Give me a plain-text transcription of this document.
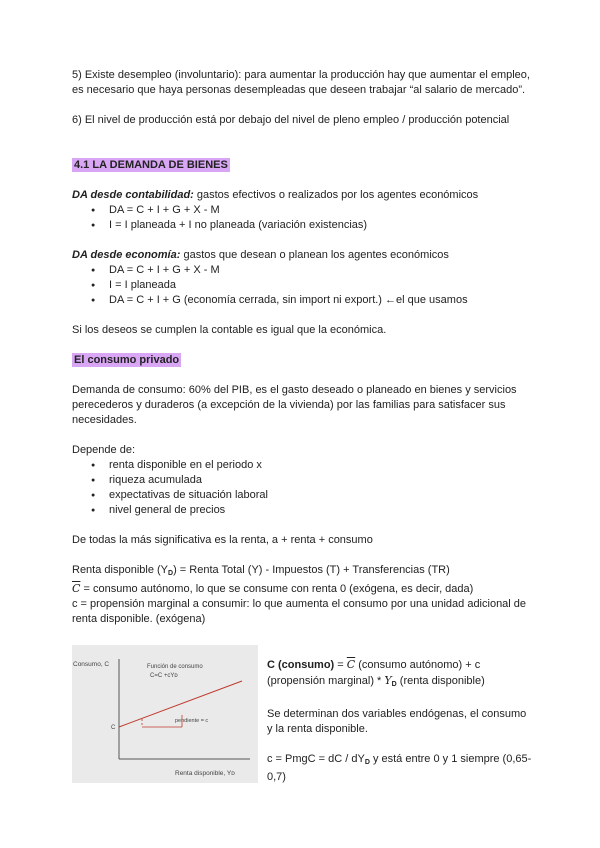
5) Existe desempleo (involuntario): para aumentar la producción hay que aumentar el empleo, es necesario que haya personas desempleadas que deseen trabajar “al salario de mercado”.

6) El nivel de producción está por debajo del nivel de pleno empleo / producción potencial

4.1 LA DEMANDA DE BIENES

DA desde contabilidad: gastos efectivos o realizados por los agentes económicos

● DA = C + I + G + X - M
● I = I planeada + I no planeada (variación existencias)

DA desde economía: gastos que desean o planean los agentes económicos

● DA = C + I + G + X - M
● I = I planeada
● DA = C + I + G (economía cerrada, sin import ni export.) ←el que usamos

Si los deseos se cumplen la contable es igual que la económica.

El consumo privado

Demanda de consumo: 60% del PIB, es el gasto deseado o planeado en bienes y servicios perecederos y duraderos (a excepción de la vivienda) por las familias para satisfacer sus necesidades.

Depende de:

● renta disponible en el periodo x
● riqueza acumulada
● expectativas de situación laboral
● nivel general de precios

De todas la más significativa es la renta, a + renta + consumo

Renta disponible $(Y_D)$ = Renta Total (Y) - Impuestos (T) + Transferencias (TR)

$\overline{C}$ = consumo autónomo, lo que se consume con renta 0 (exógena, es decir, dada)

c = propensión marginal a consumir: lo que aumenta el consumo por una unidad adicional de renta disponible. (exógena)

Consumo, C
Renta disponible, Yᴅ
Función de consumo
C=C +cYᴅ
pendiente = c
C

C (consumo) = $\overline{C}$ (consumo autónomo) + c (propensión marginal) * $Y_D$ (renta disponible)

Se determinan dos variables endógenas, el consumo y la renta disponible.

c = PmgC = dC / $dY_D$ y está entre 0 y 1 siempre (0,65-0,7)
